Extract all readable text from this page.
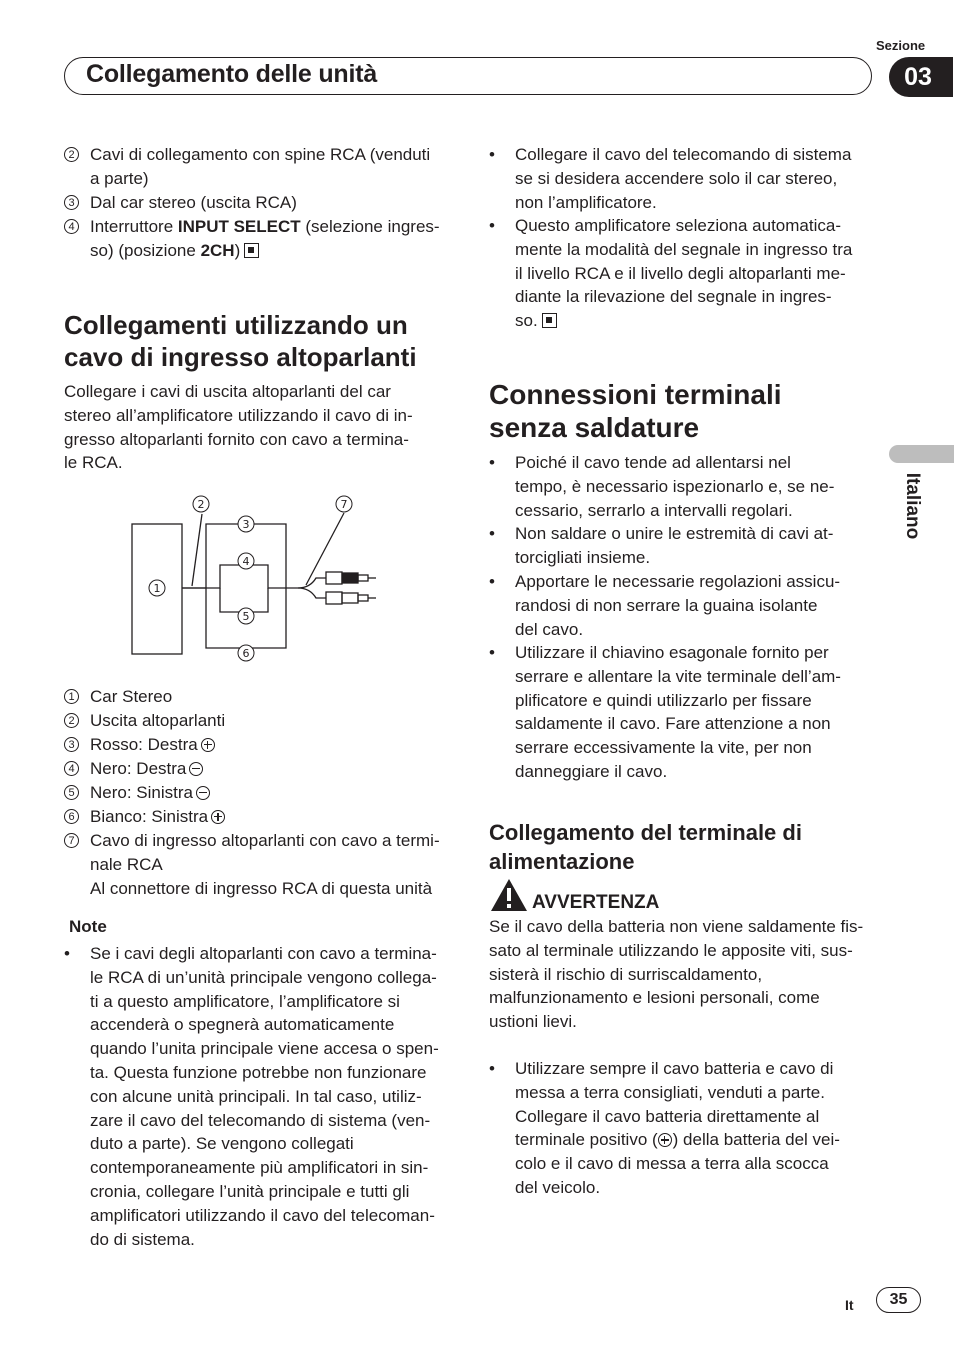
Sezione
Collegamento delle unità	03
Italiano
2 Cavi di collegamento con spine RCA (venduti
a parte)
3 Dal car stereo (uscita RCA)
4 Interruttore INPUT SELECT (selezione ingres-
so) (posizione 2CH)
Collegamenti utilizzando un
cavo di ingresso altoparlanti
Collegare i cavi di uscita altoparlanti del car
stereo all’amplificatore utilizzando il cavo di in-
gresso altoparlanti fornito con cavo a termina-
le RCA.
1
2
3
4
5
6
7
1 Car Stereo
2 Uscita altoparlanti
3 Rosso: Destra
4 Nero: Destra
5 Nero: Sinistra
6 Bianco: Sinistra
7 Cavo di ingresso altoparlanti con cavo a termi-
nale RCA
Al connettore di ingresso RCA di questa unità
Note
• Se i cavi degli altoparlanti con cavo a termina-
le RCA di un’unità principale vengono collega-
ti a questo amplificatore, l’amplificatore si
accenderà o spegnerà automaticamente
quando l’unita principale viene accesa o spen-
ta. Questa funzione potrebbe non funzionare
con alcune unità principali. In tal caso, utiliz-
zare il cavo del telecomando di sistema (ven-
duto a parte). Se vengono collegati
contemporaneamente più amplificatori in sin-
cronia, collegare l’unità principale e tutti gli
amplificatori utilizzando il cavo del telecoman-
do di sistema.
• Collegare il cavo del telecomando di sistema
se si desidera accendere solo il car stereo,
non l’amplificatore.
• Questo amplificatore seleziona automatica-
mente la modalità del segnale in ingresso tra
il livello RCA e il livello degli altoparlanti me-
diante la rilevazione del segnale in ingres-
so.
Connessioni terminali
senza saldature
• Poiché il cavo tende ad allentarsi nel
tempo, è necessario ispezionarlo e, se ne-
cessario, serrarlo a intervalli regolari.
• Non saldare o unire le estremità di cavi at-
torcigliati insieme.
• Apportare le necessarie regolazioni assicu-
randosi di non serrare la guaina isolante
del cavo.
• Utilizzare il chiavino esagonale fornito per
serrare e allentare la vite terminale dell’am-
plificatore e quindi utilizzarlo per fissare
saldamente il cavo. Fare attenzione a non
serrare eccessivamente la vite, per non
danneggiare il cavo.
Collegamento del terminale di
alimentazione
AVVERTENZA
Se il cavo della batteria non viene saldamente fis-
sato al terminale utilizzando le apposite viti, sus-
sisterà il rischio di surriscaldamento,
malfunzionamento e lesioni personali, come
ustioni lievi.
• Utilizzare sempre il cavo batteria e cavo di
messa a terra consigliati, venduti a parte.
Collegare il cavo batteria direttamente al
terminale positivo ( ) della batteria del vei-
colo e il cavo di messa a terra alla scocca
del veicolo.
It	35
